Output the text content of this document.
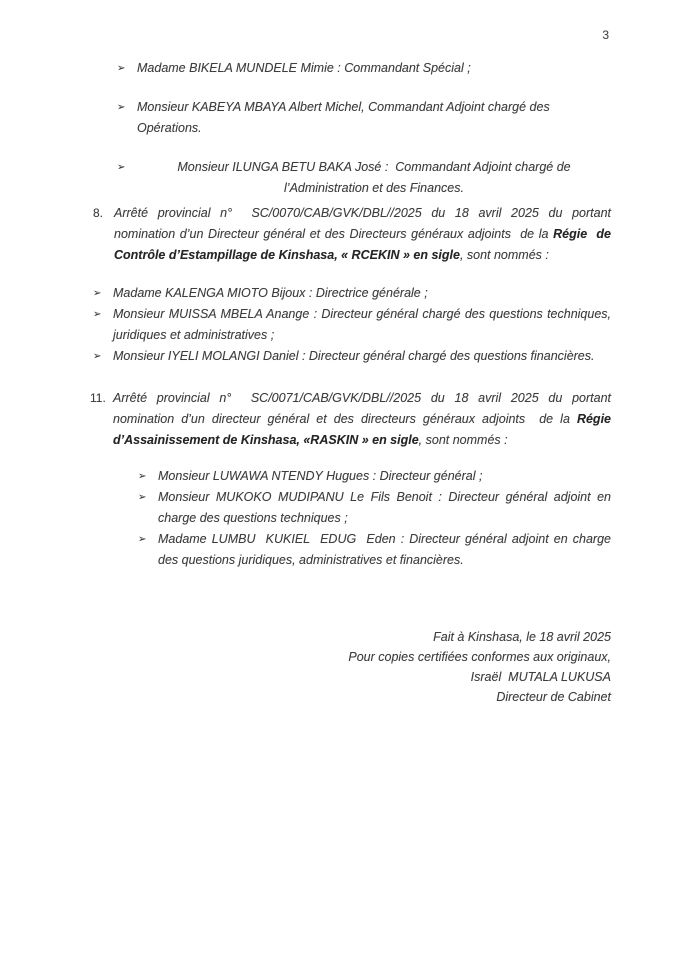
3
➢ Madame BIKELA MUNDELE Mimie : Commandant Spécial ;
➢ Monsieur KABEYA MBAYA Albert Michel, Commandant Adjoint chargé des Opérations.
➢	Monsieur ILUNGA BETU BAKA José :  Commandant Adjoint chargé de l’Administration et des Finances.
8. Arrêté provincial n°  SC/0070/CAB/GVK/DBL//2025 du 18 avril 2025 du portant nomination d’un Directeur général et des Directeurs généraux adjoints  de la Régie  de Contrôle d’Estampillage de Kinshasa, « RCEKIN » en sigle, sont nommés :

➢ Madame KALENGA MIOTO Bijoux : Directrice générale ;
➢ Monsieur MUISSA MBELA Anange : Directeur général chargé des questions techniques, juridiques et administratives ;
➢ Monsieur IYELI MOLANGI Daniel : Directeur général chargé des questions financières.
11. Arrêté provincial n°  SC/0071/CAB/GVK/DBL//2025 du 18 avril 2025 du portant nomination d’un directeur général et des directeurs généraux adjoints  de la Régie d’Assainissement de Kinshasa, «RASKIN » en sigle, sont nommés :

➢ Monsieur LUWAWA NTENDY Hugues : Directeur général ;
➢ Monsieur MUKOKO MUDIPANU Le Fils Benoit : Directeur général adjoint en charge des questions techniques ;
➢ Madame LUMBU  KUKIEL  EDUG  Eden : Directeur général adjoint en charge des questions juridiques, administratives et financières.
Fait à Kinshasa, le 18 avril 2025
Pour copies certifiées conformes aux originaux,
Israël  MUTALA LUKUSA
Directeur de Cabinet
